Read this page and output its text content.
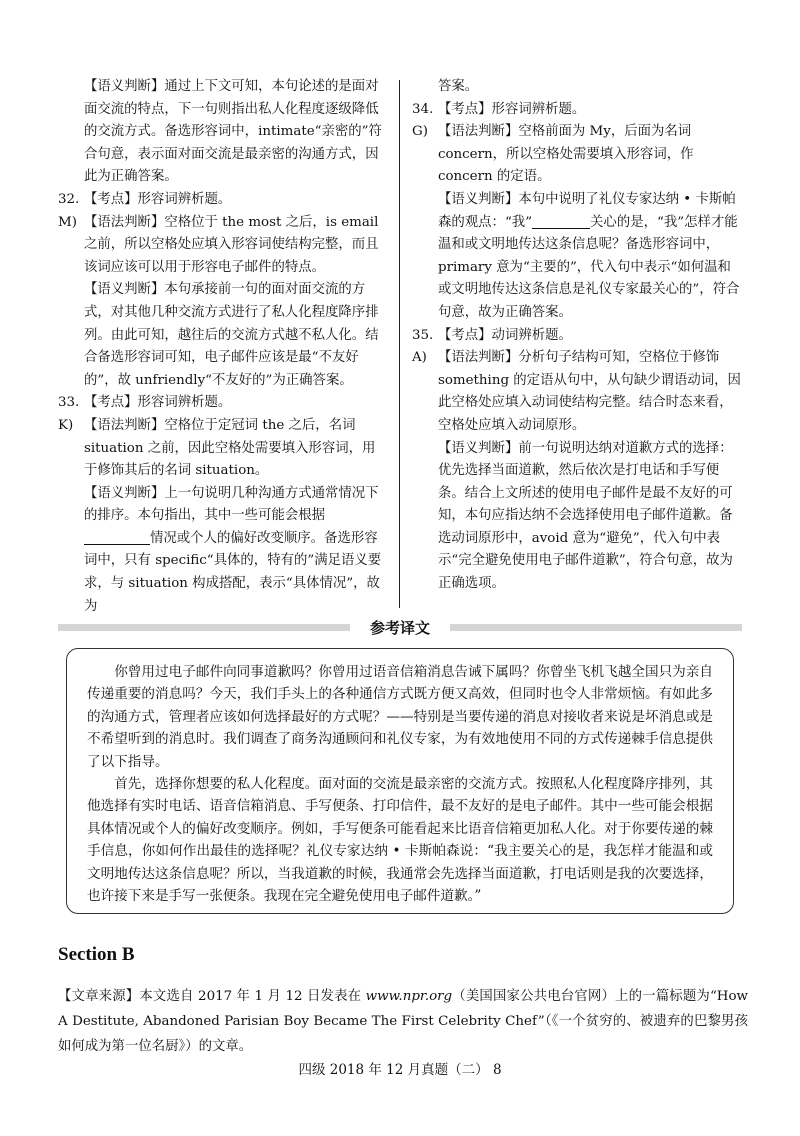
【语义判断】通过上下文可知，本句论述的是面对面交流的特点，下一句则指出私人化程度逐级降低的交流方式。备选形容词中，intimate“亲密的”符合句意，表示面对面交流是最亲密的沟通方式，因此为正确答案。

32. 【考点】形容词辨析题。

M) 【语法判断】空格位于 the most 之后，is email 之前，所以空格处应填入形容词使结构完整，而且该词应该可以用于形容电子邮件的特点。

【语义判断】本句承接前一句的面对面交流的方式，对其他几种交流方式进行了私人化程度降序排列。由此可知，越往后的交流方式越不私人化。结合备选形容词可知，电子邮件应该是最“不友好的”，故 unfriendly“不友好的”为正确答案。

33. 【考点】形容词辨析题。

K) 【语法判断】空格位于定冠词 the 之后，名词 situation 之前，因此空格处需要填入形容词，用于修饰其后的名词 situation。

【语义判断】上一句说明几种沟通方式通常情况下的排序。本句指出，其中一些可能会根据情况或个人的偏好改变顺序。备选形容词中，只有 specific“具体的，特有的”满足语义要求，与 situation 构成搭配，表示“具体情况”，故为

答案。

34. 【考点】形容词辨析题。

G) 【语法判断】空格前面为 My，后面为名词 concern，所以空格处需要填入形容词，作 concern 的定语。

【语义判断】本句中说明了礼仪专家达纳 • 卡斯帕森的观点：“我”	关心的是，“我”怎样才能温和或文明地传达这条信息呢？备选形容词中，primary 意为“主要的”，代入句中表示“如何温和或文明地传达这条信息是礼仪专家最关心的”，符合句意，故为正确答案。

35. 【考点】动词辨析题。

A) 【语法判断】分析句子结构可知，空格位于修饰 something 的定语从句中，从句缺少谓语动词，因此空格处应填入动词使结构完整。结合时态来看，空格处应填入动词原形。

【语义判断】前一句说明达纳对道歉方式的选择：优先选择当面道歉，然后依次是打电话和手写便条。结合上文所述的使用电子邮件是最不友好的可知，本句应指达纳不会选择使用电子邮件道歉。备选动词原形中，avoid 意为“避免”，代入句中表示“完全避免使用电子邮件道歉”，符合句意，故为正确选项。

参考译文

你曾用过电子邮件向同事道歉吗？你曾用过语音信箱消息告诫下属吗？你曾坐飞机飞越全国只为亲自传递重要的消息吗？今天，我们手头上的各种通信方式既方便又高效，但同时也令人非常烦恼。有如此多的沟通方式，管理者应该如何选择最好的方式呢？——特别是当要传递的消息对接收者来说是坏消息或是不希望听到的消息时。我们调查了商务沟通顾问和礼仪专家，为有效地使用不同的方式传递棘手信息提供了以下指导。

首先，选择你想要的私人化程度。面对面的交流是最亲密的交流方式。按照私人化程度降序排列，其他选择有实时电话、语音信箱消息、手写便条、打印信件，最不友好的是电子邮件。其中一些可能会根据具体情况或个人的偏好改变顺序。例如，手写便条可能看起来比语音信箱更加私人化。对于你要传递的棘手信息，你如何作出最佳的选择呢？礼仪专家达纳 • 卡斯帕森说：“我主要关心的是，我怎样才能温和或文明地传达这条信息呢？所以，当我道歉的时候，我通常会先选择当面道歉，打电话则是我的次要选择，也许接下来是手写一张便条。我现在完全避免使用电子邮件道歉。”

Section B
【文章来源】本文选自 2017 年 1 月 12 日发表在 www.npr.org（美国国家公共电台官网）上的一篇标题为“How A Destitute, Abandoned Parisian Boy Became The First Celebrity Chef”（《一个贫穷的、被遗弃的巴黎男孩如何成为第一位名厨》）的文章。
四级 2018 年 12 月真题（二） 8
